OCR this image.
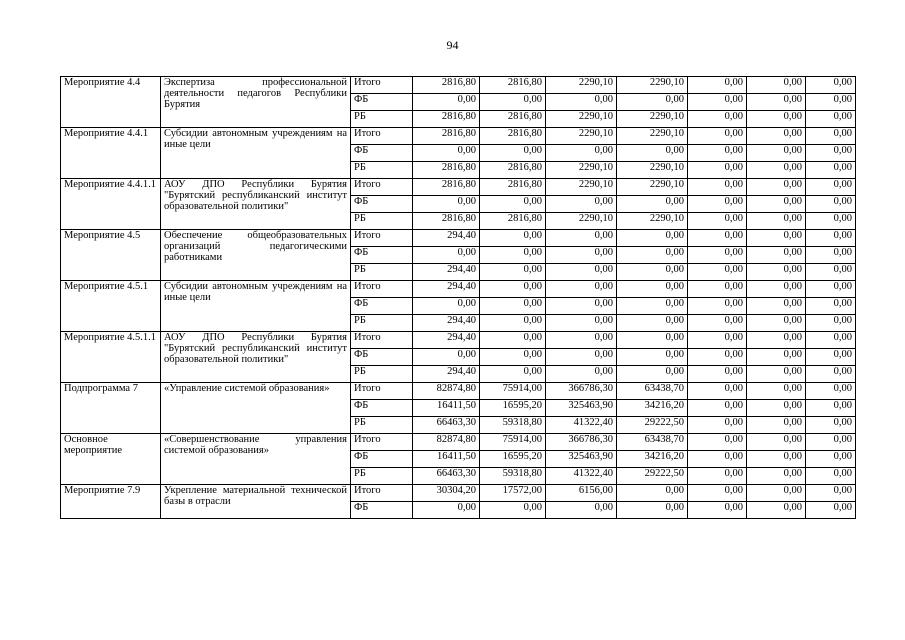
94
Мероприятие 4.4	Экспертиза профессиональной деятельности педагогов Республики Бурятия	Итого	2816,80	2816,80	2290,10	2290,10	0,00	0,00	0,00
		ФБ	0,00	0,00	0,00	0,00	0,00	0,00	0,00
		РБ	2816,80	2816,80	2290,10	2290,10	0,00	0,00	0,00
Мероприятие 4.4.1	Субсидии автономным учреждениям на иные цели	Итого	2816,80	2816,80	2290,10	2290,10	0,00	0,00	0,00
		ФБ	0,00	0,00	0,00	0,00	0,00	0,00	0,00
		РБ	2816,80	2816,80	2290,10	2290,10	0,00	0,00	0,00
Мероприятие 4.4.1.1	АОУ ДПО Республики Бурятия "Бурятский республиканский институт образовательной политики"	Итого	2816,80	2816,80	2290,10	2290,10	0,00	0,00	0,00
		ФБ	0,00	0,00	0,00	0,00	0,00	0,00	0,00
		РБ	2816,80	2816,80	2290,10	2290,10	0,00	0,00	0,00
Мероприятие 4.5	Обеспечение общеобразовательных организаций педагогическими работниками	Итого	294,40	0,00	0,00	0,00	0,00	0,00	0,00
		ФБ	0,00	0,00	0,00	0,00	0,00	0,00	0,00
		РБ	294,40	0,00	0,00	0,00	0,00	0,00	0,00
Мероприятие 4.5.1	Субсидии автономным учреждениям на иные цели	Итого	294,40	0,00	0,00	0,00	0,00	0,00	0,00
		ФБ	0,00	0,00	0,00	0,00	0,00	0,00	0,00
		РБ	294,40	0,00	0,00	0,00	0,00	0,00	0,00
Мероприятие 4.5.1.1	АОУ ДПО Республики Бурятия "Бурятский республиканский институт образовательной политики"	Итого	294,40	0,00	0,00	0,00	0,00	0,00	0,00
		ФБ	0,00	0,00	0,00	0,00	0,00	0,00	0,00
		РБ	294,40	0,00	0,00	0,00	0,00	0,00	0,00
Подпрограмма 7	«Управление системой образования»	Итого	82874,80	75914,00	366786,30	63438,70	0,00	0,00	0,00
		ФБ	16411,50	16595,20	325463,90	34216,20	0,00	0,00	0,00
		РБ	66463,30	59318,80	41322,40	29222,50	0,00	0,00	0,00
Основное мероприятие	«Совершенствование управления системой образования»	Итого	82874,80	75914,00	366786,30	63438,70	0,00	0,00	0,00
		ФБ	16411,50	16595,20	325463,90	34216,20	0,00	0,00	0,00
		РБ	66463,30	59318,80	41322,40	29222,50	0,00	0,00	0,00
Мероприятие 7.9	Укрепление материальной технической базы в отрасли	Итого	30304,20	17572,00	6156,00	0,00	0,00	0,00	0,00
		ФБ	0,00	0,00	0,00	0,00	0,00	0,00	0,00
